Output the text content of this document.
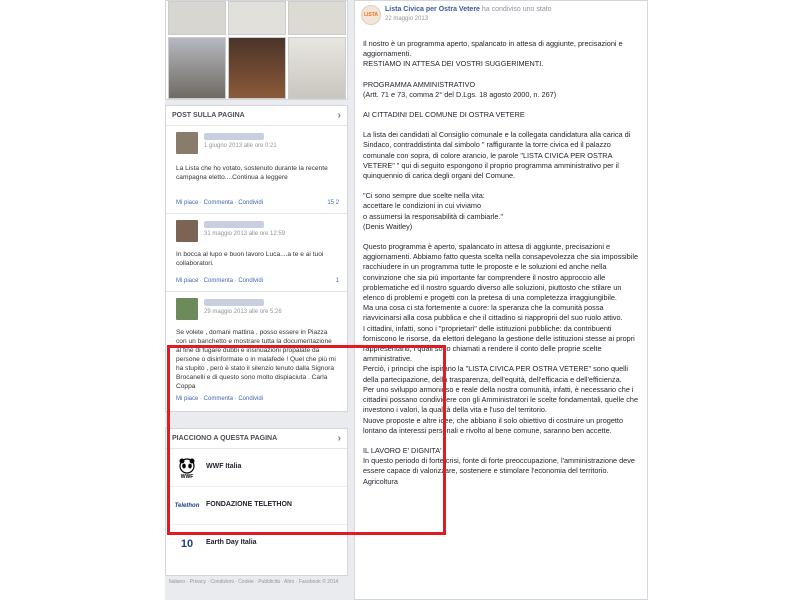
POST SULLA PAGINA	›
1 giugno 2013 alle ore 0:21
La Lista che ho votato, sostenuto durante la recente campagna eletto....Continua a leggere
Mi piace · Commenta · Condividi	15 2
31 maggio 2013 alle ore 12:59
In bocca al lupo e buon lavoro Luca....a te e ai tuoi collaboratori.
Mi piace · Commenta · Condividi	1
29 maggio 2013 alle ore 5:26
Se volete , domani mattina , posso essere in Piazza con un banchetto e mostrare tutta la documentazione al fine di fugare dubbi e insinuazioni propalate da persone o disinformate o in malafede ! Quel che più mi ha stupito , però è stato il silenzio tenuto dalla Signora Brocanelli e di questo sono molto dispiaciuta . Carla Coppa
Mi piace · Commenta · Condividi
PIACCIONO A QUESTA PAGINA	›
WWF
WWF Italia
Telethon FONDAZIONE TELETHON
10	Earth Day Italia
Italiano · Privacy · Condizioni · Cookie · Pubblicità · Altro · Facebook © 2014
LISTA
Lista Civica per Ostra Vetere ha condiviso uno stato
22 maggio 2013

Il nostro è un programma aperto, spalancato in attesa di aggiunte, precisazioni e aggiornamenti.
RESTIAMO IN ATTESA DEI VOSTRI SUGGERIMENTI.

PROGRAMMA AMMINISTRATIVO
(Artt. 71 e 73, comma 2° del D.Lgs. 18 agosto 2000, n. 267)

AI CITTADINI DEL COMUNE DI OSTRA VETERE

La lista dei candidati al Consiglio comunale e la collegata candidatura alla carica di Sindaco, contraddistinta dal simbolo " raffigurante la torre civica ed il palazzo comunale con sopra, di colore arancio, le parole "LISTA CIVICA PER OSTRA VETERE" " qui di seguito espongono il proprio programma amministrativo per il quinquennio di carica degli organi del Comune.

"Ci sono sempre due scelte nella vita:
accettare le condizioni in cui viviamo
o assumersi la responsabilità di cambiarle."
(Denis Waitley)

Questo programma è aperto, spalancato in attesa di aggiunte, precisazioni e aggiornamenti. Abbiamo fatto questa scelta nella consapevolezza che sia impossibile racchiudere in un programma tutte le proposte e le soluzioni ed anche nella convinzione che sia più importante far comprendere il nostro approccio alle problematiche ed il nostro sguardo diverso alle soluzioni, piuttosto che stilare un elenco di problemi e progetti con la pretesa di una completezza irraggiungibile.

Ma una cosa ci sta fortemente a cuore: la speranza che la comunità possa riavvicinarsi alla cosa pubblica e che il cittadino si riapproprii del suo ruolo attivo.

I cittadini, infatti, sono i "proprietari" delle istituzioni pubbliche: da contribuenti forniscono le risorse, da elettori delegano la gestione delle istituzioni stesse ai propri rappresentanti, i quali sono chiamati a rendere il conto delle proprie scelte amministrative.

Perciò, i principi che ispirano la "LISTA CIVICA PER OSTRA VETERE" sono quelli della partecipazione, della trasparenza, dell'equità, dell'efficacia e dell'efficienza.

Per uno sviluppo armonioso e reale della nostra comunità, infatti, è necessario che i cittadini possano condividere con gli Amministratori le scelte fondamentali, quelle che investono i valori, la qualità della vita e l'uso del territorio.

Nuove proposte e altre idee, che abbiano il solo obiettivo di costruire un progetto lontano da interessi personali e rivolto al bene comune, saranno ben accette.

IL LAVORO E' DIGNITA'
In questo periodo di forte crisi, fonte di forte preoccupazione, l'amministrazione deve essere capace di valorizzare, sostenere e stimolare l'economia del territorio.
Agricoltura
